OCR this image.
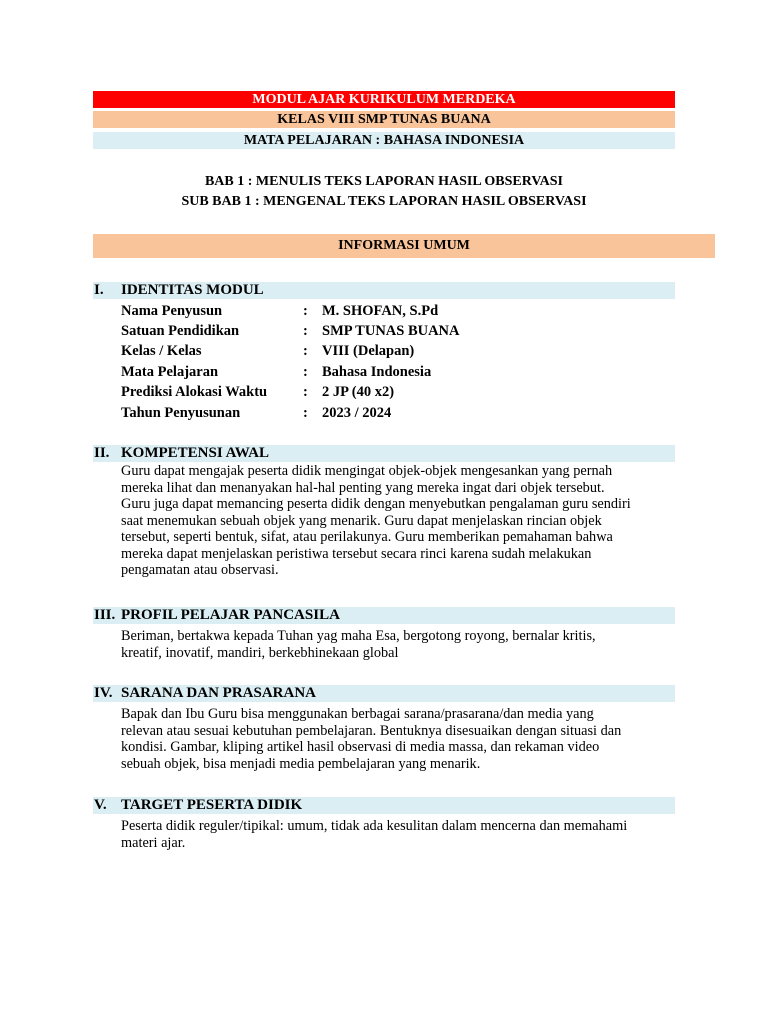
MODUL AJAR KURIKULUM MERDEKA
KELAS VIII SMP TUNAS BUANA
MATA PELAJARAN : BAHASA INDONESIA
BAB 1 : MENULIS TEKS LAPORAN HASIL OBSERVASI
SUB BAB 1 : MENGENAL TEKS LAPORAN HASIL OBSERVASI
INFORMASI UMUM
I. IDENTITAS MODUL
Nama Penyusun	: M. SHOFAN, S.Pd
Satuan Pendidikan	: SMP TUNAS BUANA
Kelas / Kelas	: VIII (Delapan)
Mata Pelajaran	: Bahasa Indonesia
Prediksi Alokasi Waktu : 2 JP (40 x2)
Tahun Penyusunan	: 2023 / 2024
II. KOMPETENSI AWAL
Guru dapat mengajak peserta didik mengingat objek-objek mengesankan yang pernah
mereka lihat dan menanyakan hal-hal penting yang mereka ingat dari objek tersebut.
Guru juga dapat memancing peserta didik dengan menyebutkan pengalaman guru sendiri
saat menemukan sebuah objek yang menarik. Guru dapat menjelaskan rincian objek
tersebut, seperti bentuk, sifat, atau perilakunya. Guru memberikan pemahaman bahwa
mereka dapat menjelaskan peristiwa tersebut secara rinci karena sudah melakukan
pengamatan atau observasi.
III. PROFIL PELAJAR PANCASILA
Beriman, bertakwa kepada Tuhan yag maha Esa, bergotong royong, bernalar kritis,
kreatif, inovatif, mandiri, berkebhinekaan global
IV. SARANA DAN PRASARANA
Bapak dan Ibu Guru bisa menggunakan berbagai sarana/prasarana/dan media yang
relevan atau sesuai kebutuhan pembelajaran. Bentuknya disesuaikan dengan situasi dan
kondisi. Gambar, kliping artikel hasil observasi di media massa, dan rekaman video
sebuah objek, bisa menjadi media pembelajaran yang menarik.
V. TARGET PESERTA DIDIK
Peserta didik reguler/tipikal: umum, tidak ada kesulitan dalam mencerna dan memahami
materi ajar.
